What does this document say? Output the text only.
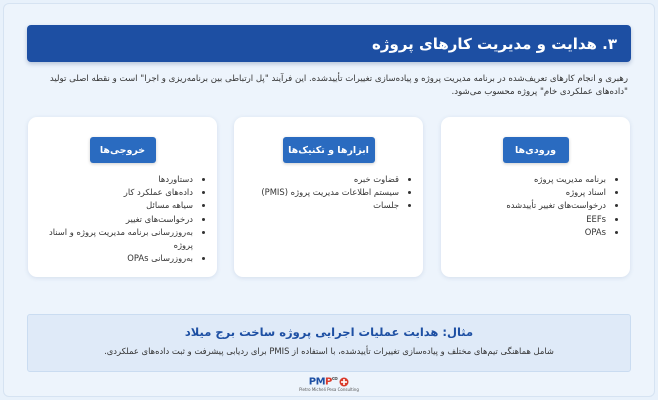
۳. هدایت و مدیریت کارهای پروژه

رهبری و انجام کارهای تعریف‌شده در برنامه مدیریت پروژه و پیاده‌سازی تغییرات تأییدشده. این فرآیند "پل ارتباطی بین برنامه‌ریزی و اجرا" است و نقطه اصلی تولید "داده‌های عملکردی خام" پروژه محسوب می‌شود.

ورودی‌ها
• برنامه مدیریت پروژه
• اسناد پروژه
• درخواست‌های تغییر تأییدشده
• EEFs
• OPAs
ابزارها و تکنیک‌ها
• قضاوت خبره
• سیستم اطلاعات مدیریت پروژه (PMIS)
• جلسات
خروجی‌ها
• دستاوردها
• داده‌های عملکرد کار
• سیاهه مسائل
• درخواست‌های تغییر
• به‌روزرسانی برنامه مدیریت پروژه و اسناد پروژه
• به‌روزرسانی OPAs
مثال: هدایت عملیات اجرایی پروژه ساخت برج میلاد

شامل هماهنگی تیم‌های مختلف و پیاده‌سازی تغییرات تأییدشده، با استفاده از PMIS برای ردیابی پیشرفت و ثبت داده‌های عملکردی.

$PMP^{co}$
Pietro Micheli Pesa Consulting
